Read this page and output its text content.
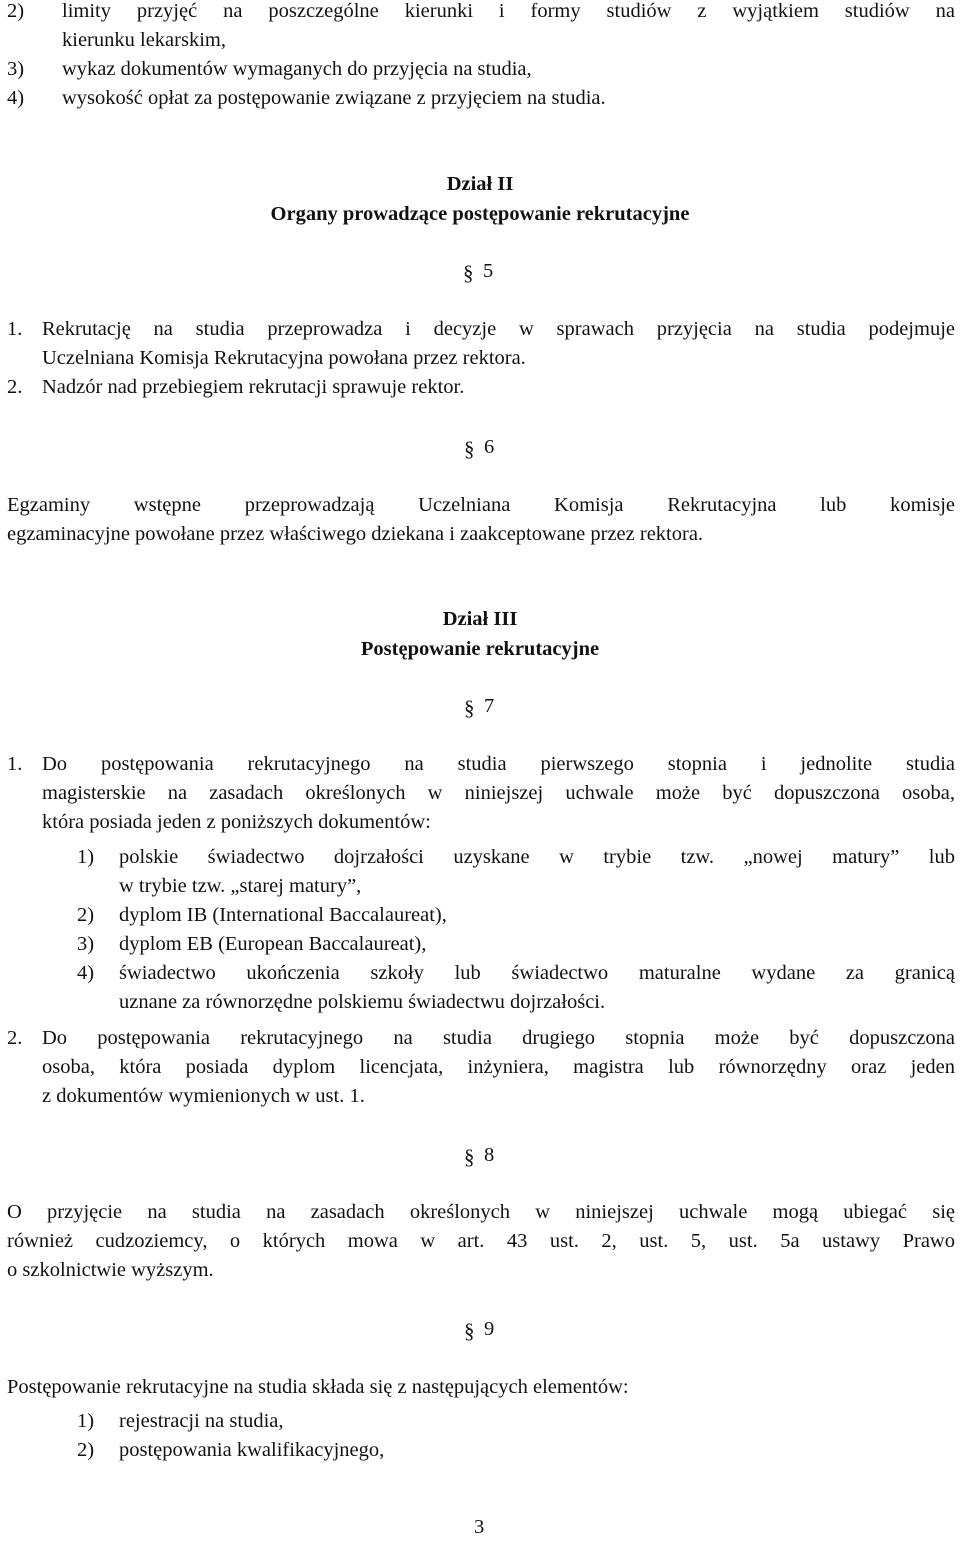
2) limity przyjęć na poszczególne kierunki i formy studiów z wyjątkiem studiów na
kierunku lekarskim,
3) wykaz dokumentów wymaganych do przyjęcia na studia,
4) wysokość opłat za postępowanie związane z przyjęciem na studia.
Dział II
Organy prowadzące postępowanie rekrutacyjne
§ 5
1. Rekrutację na studia przeprowadza i decyzje w sprawach przyjęcia na studia podejmuje
Uczelniana Komisja Rekrutacyjna powołana przez rektora.
2. Nadzór nad przebiegiem rekrutacji sprawuje rektor.
§ 6
Egzaminy wstępne przeprowadzają Uczelniana Komisja Rekrutacyjna lub komisje
egzaminacyjne powołane przez właściwego dziekana i zaakceptowane przez rektora.
Dział III
Postępowanie rekrutacyjne
§ 7
1. Do postępowania rekrutacyjnego na studia pierwszego stopnia i jednolite studia
magisterskie na zasadach określonych w niniejszej uchwale może być dopuszczona osoba,
która posiada jeden z poniższych dokumentów:
1) polskie świadectwo dojrzałości uzyskane w trybie tzw. „nowej matury” lub
w trybie tzw. „starej matury”,
2) dyplom IB (International Baccalaureat),
3) dyplom EB (European Baccalaureat),
4) świadectwo ukończenia szkoły lub świadectwo maturalne wydane za granicą
uznane za równorzędne polskiemu świadectwu dojrzałości.
2. Do postępowania rekrutacyjnego na studia drugiego stopnia może być dopuszczona
osoba, która posiada dyplom licencjata, inżyniera, magistra lub równorzędny oraz jeden
z dokumentów wymienionych w ust. 1.
§ 8
O przyjęcie na studia na zasadach określonych w niniejszej uchwale mogą ubiegać się
również cudzoziemcy, o których mowa w art. 43 ust. 2, ust. 5, ust. 5a ustawy Prawo
o szkolnictwie wyższym.
§ 9
Postępowanie rekrutacyjne na studia składa się z następujących elementów:
1) rejestracji na studia,
2) postępowania kwalifikacyjnego,
3
